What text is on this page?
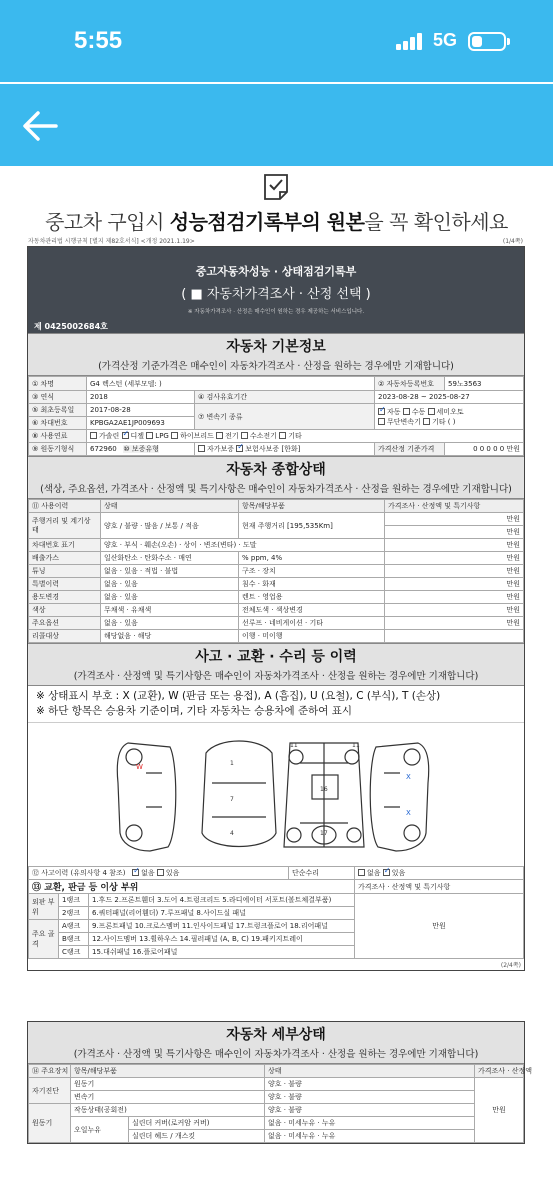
5:55	5G
중고차 구입시 성능점검기록부의 원본을 꼭 확인하세요
자동차관리법 시행규칙 [별지 제82호서식] <개정 2021.1.19>	(1/4쪽)
중고자동차성능 · 상태점검기록부
( ■ 자동차가격조사 · 산정 선택 )
※ 자동차가격조사 · 산정은 매수인이 원하는 경우 제공하는 서비스입니다.
제 0425002684호
자동차 기본정보
(가격산정 기준가격은 매수인이 자동차가격조사 · 산정을 원하는 경우에만 기재합니다)
① 차명	G4 렉스턴 (세부모델: )		② 자동차등록번호	59노3563
③ 연식	2018	④ 검사유효기간	2023-08-28 ~ 2025-08-27	
⑤ 최초등록일	2017-08-28	⑦ 변속기 종류	✓자동 수동 세미오토
무단변속기 기타 ( )
⑥ 차대번호	KPBGA2AE1JP009693			
⑧ 사용연료	가솔린 ✓ 디젤 LPG 하이브리드 전기 수소전기 기타
⑨ 원동기형식	672960 ⑩ 보증유형	자가보증 ✓ 보험사보증 [한화]	가격산정 기준가격	0 0 0 0 0 만원
자동차 종합상태
(색상, 주요옵션, 가격조사 · 산정액 및 특기사항은 매수인이 자동차가격조사 · 산정을 원하는 경우에만 기재합니다)
⑪ 사용이력	상태	항목/해당부품	가격조사 · 산정액 및 특기사항
주행거리 및 계기상태	양호 / 불량 · 많음 / 보통 / 적음	현재 주행거리 [195,535Km]	만원
			만원
차대번호 표기	양호 · 부식 · 훼손(오손) · 상이 · 변조(변타) · 도말		만원
배출가스	일산화탄소 · 탄화수소 · 매연	% ppm, 4%	만원
튜닝	없음 · 있음 · 적법 · 불법	구조 · 장치	만원
특별이력	없음 · 있음	침수 · 화재	만원
용도변경	없음 · 있음	렌트 · 영업용	만원
색상	무채색 · 유채색	전체도색 · 색상변경	만원
주요옵션	없음 · 있음	선루프 · 네비게이션 · 기타	만원
리콜대상	해당없음 · 해당	이행 · 미이행	
사고 · 교환 · 수리 등 이력
(가격조사 · 산정액 및 특기사항은 매수인이 자동차가격조사 · 산정을 원하는 경우에만 기재합니다)
※ 상태표시 부호 : X (교환), W (판금 또는 용접), A (흠집), U (요철), C (부식), T (손상)
※ 하단 항목은 승용차 기준이며, 기타 자동차는 승용차에 준하여 표시
W	1
7
4
16
17
11	11
X
X
⑫ 사고이력 (유의사항 4 참조) ✓ 없음 있음			단순수리	없음 ✓ 있음
⑬ 교환, 판금 등 이상 부위				가격조사 · 산정액 및 특기사항
외판 부위	1랭크	1.후드 2.프론트휀더 3.도어 4.트렁크리드 5.라디에이터 서포트(볼트체결부품)		만원
	2랭크	6.쿼터패널(리어휀더) 7.루프패널 8.사이드실 패널		
주요 골격	A랭크	9.프론트패널 10.크로스멤버 11.인사이드패널 17.트렁크플로어 18.리어패널		
	B랭크	12.사이드멤버 13.휠하우스 14.필러패널 (A, B, C) 19.패키지트레이		
	C랭크	15.대쉬패널 16.플로어패널		
(2/4쪽)
자동차 세부상태
(가격조사 · 산정액 및 특기사항은 매수인이 자동차가격조사 · 산정을 원하는 경우에만 기재합니다)
⑭ 주요장치	항목/해당부품		상태	가격조사 · 산정액
자기진단	원동기		양호 · 불량	만원
	변속기		양호 · 불량	
원동기	작동상태(공회전)		양호 · 불량	
	오일누유	실린더 커버(로커암 커버)	없음 · 미세누유 · 누유	
		실린더 헤드 / 개스킷	없음 · 미세누유 · 누유	
